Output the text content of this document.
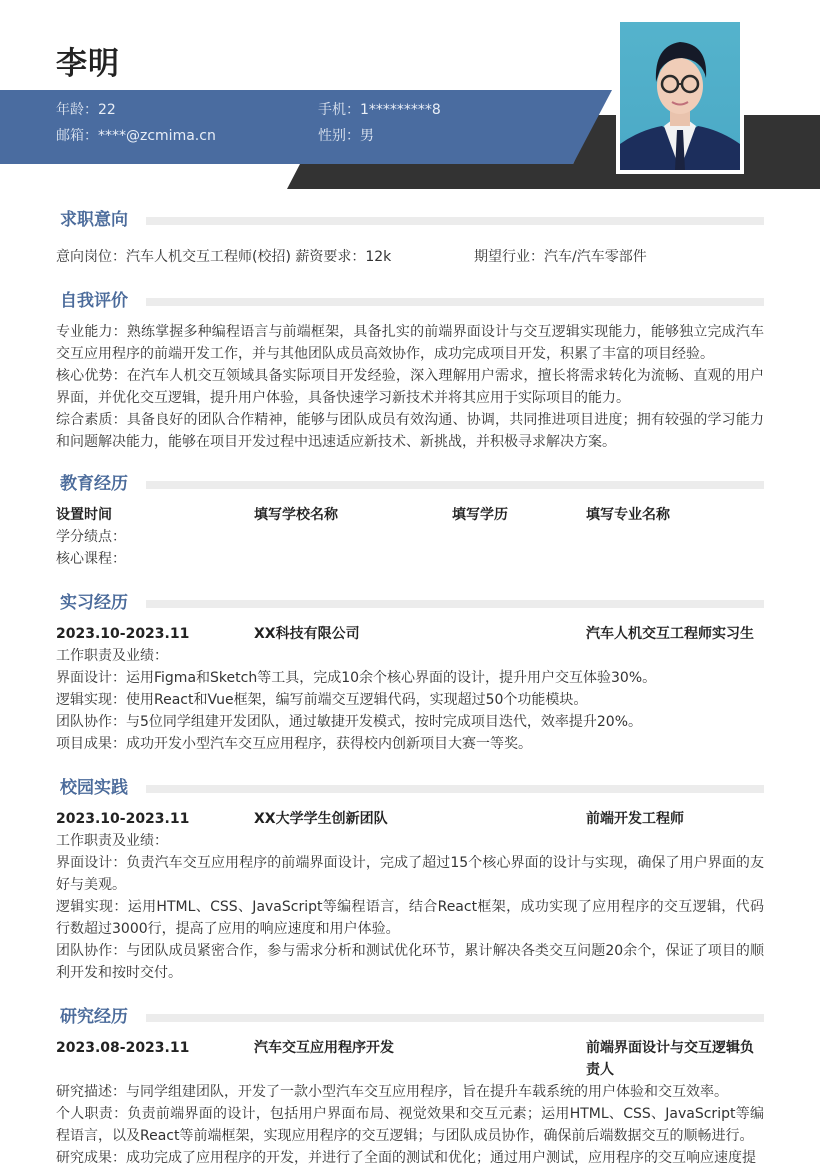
李明
年龄：22
邮箱：****@zcmima.cn
手机：1*********8
性别：男
求职意向
意向岗位：汽车人机交互工程师(校招) 薪资要求：12k	期望行业：汽车/汽车零部件
自我评价
专业能力：熟练掌握多种编程语言与前端框架，具备扎实的前端界面设计与交互逻辑实现能力，能够独立完成汽车交互应用程序的前端开发工作，并与其他团队成员高效协作，成功完成项目开发，积累了丰富的项目经验。
核心优势：在汽车人机交互领域具备实际项目开发经验，深入理解用户需求，擅长将需求转化为流畅、直观的用户界面，并优化交互逻辑，提升用户体验，具备快速学习新技术并将其应用于实际项目的能力。
综合素质：具备良好的团队合作精神，能够与团队成员有效沟通、协调，共同推进项目进度；拥有较强的学习能力和问题解决能力，能够在项目开发过程中迅速适应新技术、新挑战，并积极寻求解决方案。
教育经历
设置时间	填写学校名称	填写学历	填写专业名称
学分绩点：
核心课程：
实习经历
2023.10-2023.11	XX科技有限公司	汽车人机交互工程师实习生
工作职责及业绩：
界面设计：运用Figma和Sketch等工具，完成10余个核心界面的设计，提升用户交互体验30%。
逻辑实现：使用React和Vue框架，编写前端交互逻辑代码，实现超过50个功能模块。
团队协作：与5位同学组建开发团队，通过敏捷开发模式，按时完成项目迭代，效率提升20%。
项目成果：成功开发小型汽车交互应用程序，获得校内创新项目大赛一等奖。
校园实践
2023.10-2023.11	XX大学学生创新团队	前端开发工程师
工作职责及业绩：
界面设计：负责汽车交互应用程序的前端界面设计，完成了超过15个核心界面的设计与实现，确保了用户界面的友好与美观。
逻辑实现：运用HTML、CSS、JavaScript等编程语言，结合React框架，成功实现了应用程序的交互逻辑，代码行数超过3000行，提高了应用的响应速度和用户体验。
团队协作：与团队成员紧密合作，参与需求分析和测试优化环节，累计解决各类交互问题20余个，保证了项目的顺利开发和按时交付。
研究经历
2023.08-2023.11	汽车交互应用程序开发	前端界面设计与交互逻辑负责人
研究描述：与同学组建团队，开发了一款小型汽车交互应用程序，旨在提升车载系统的用户体验和交互效率。
个人职责：负责前端界面的设计，包括用户界面布局、视觉效果和交互元素；运用HTML、CSS、JavaScript等编程语言，以及React等前端框架，实现应用程序的交互逻辑；与团队成员协作，确保前后端数据交互的顺畅进行。
研究成果：成功完成了应用程序的开发，并进行了全面的测试和优化；通过用户测试，应用程序的交互响应速度提
